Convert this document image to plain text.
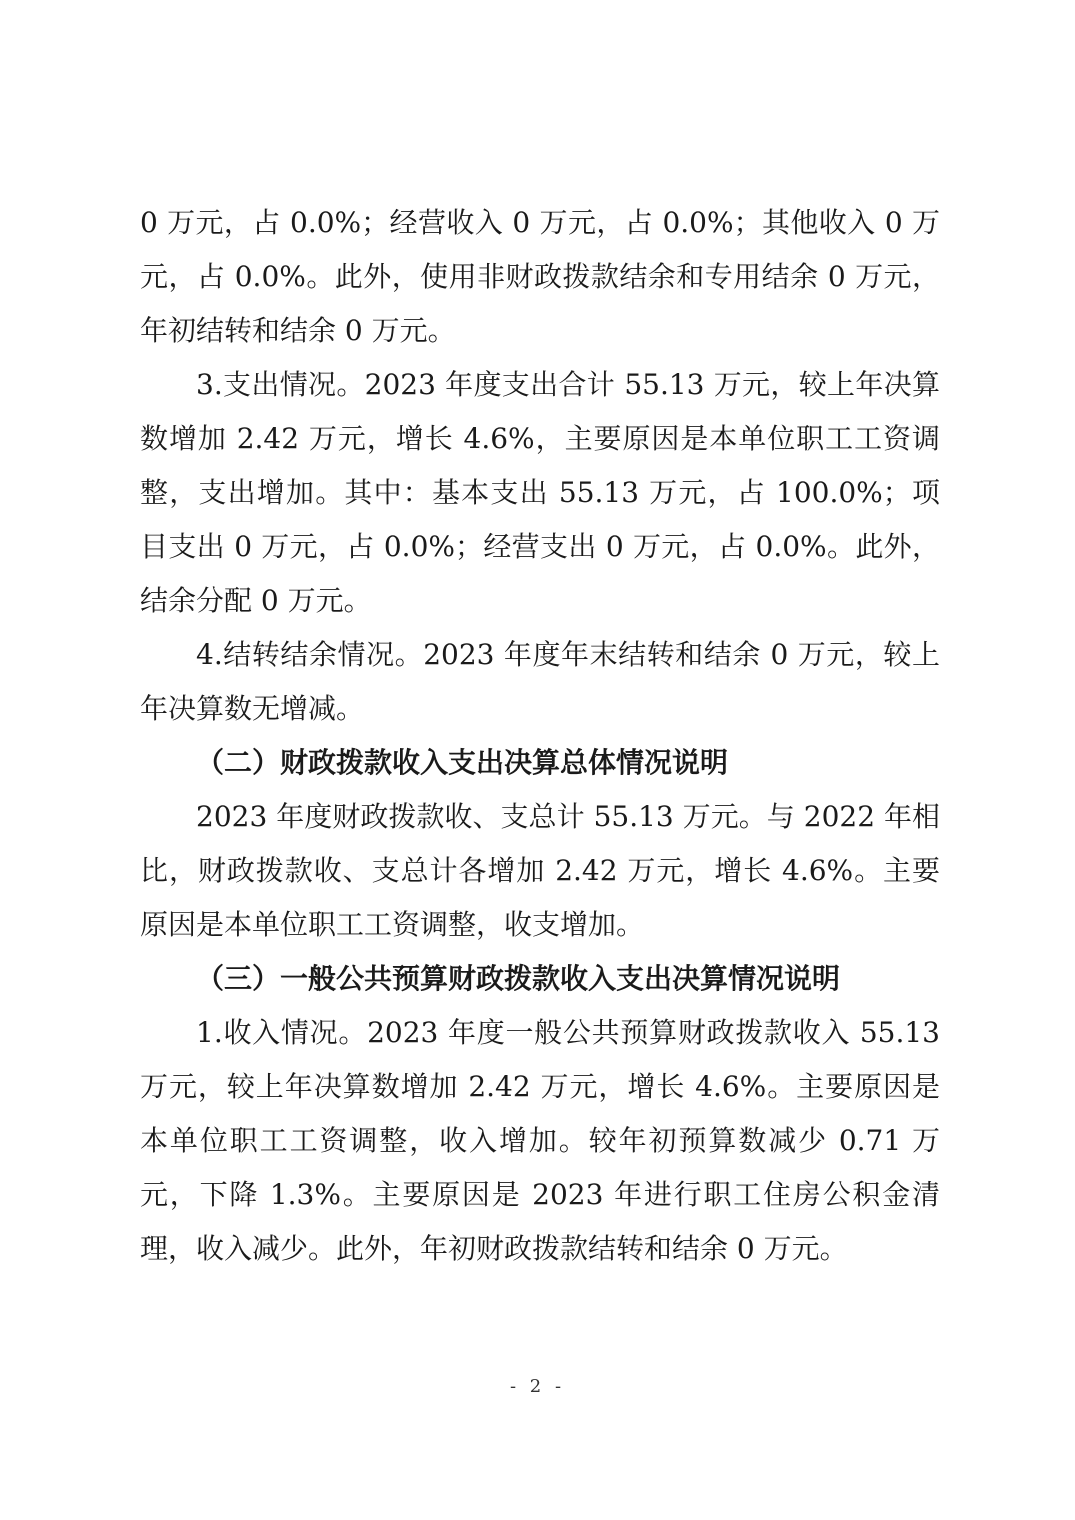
0 万元，占 0.0%；经营收入 0 万元，占 0.0%；其他收入 0 万元，占 0.0%。此外，使用非财政拨款结余和专用结余 0 万元，年初结转和结余 0 万元。

3.支出情况。2023 年度支出合计 55.13 万元，较上年决算数增加 2.42 万元，增长 4.6%，主要原因是本单位职工工资调整，支出增加。其中：基本支出 55.13 万元，占 100.0%；项目支出 0 万元，占 0.0%；经营支出 0 万元，占 0.0%。此外，结余分配 0 万元。

4.结转结余情况。2023 年度年末结转和结余 0 万元，较上年决算数无增减。

（二）财政拨款收入支出决算总体情况说明

2023 年度财政拨款收、支总计 55.13 万元。与 2022 年相比，财政拨款收、支总计各增加 2.42 万元，增长 4.6%。主要原因是本单位职工工资调整，收支增加。

（三）一般公共预算财政拨款收入支出决算情况说明

1.收入情况。2023 年度一般公共预算财政拨款收入 55.13 万元，较上年决算数增加 2.42 万元，增长 4.6%。主要原因是本单位职工工资调整，收入增加。较年初预算数减少 0.71 万元，下降 1.3%。主要原因是 2023 年进行职工住房公积金清理，收入减少。此外，年初财政拨款结转和结余 0 万元。

- 2 -
